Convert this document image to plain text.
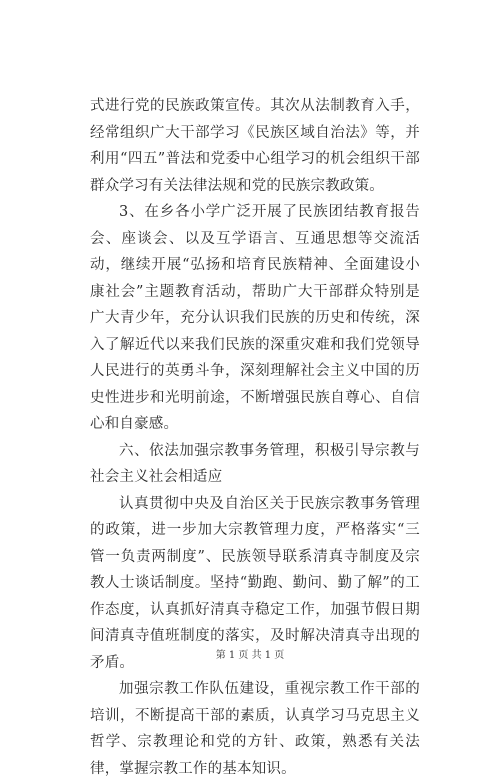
式进行党的民族政策宣传。其次从法制教育入手，经常组织广大干部学习《民族区域自治法》等，并利用“四五”普法和党委中心组学习的机会组织干部群众学习有关法律法规和党的民族宗教政策。

3、在乡各小学广泛开展了民族团结教育报告会、座谈会、以及互学语言、互通思想等交流活动，继续开展“弘扬和培育民族精神、全面建设小康社会”主题教育活动，帮助广大干部群众特别是广大青少年，充分认识我们民族的历史和传统，深入了解近代以来我们民族的深重灾难和我们党领导人民进行的英勇斗争，深刻理解社会主义中国的历史性进步和光明前途，不断增强民族自尊心、自信心和自豪感。

六、依法加强宗教事务管理，积极引导宗教与社会主义社会相适应

认真贯彻中央及自治区关于民族宗教事务管理的政策，进一步加大宗教管理力度，严格落实“三管一负责两制度”、民族领导联系清真寺制度及宗教人士谈话制度。坚持“勤跑、勤问、勤了解”的工作态度，认真抓好清真寺稳定工作，加强节假日期间清真寺值班制度的落实，及时解决清真寺出现的矛盾。

加强宗教工作队伍建设，重视宗教工作干部的培训，不断提高干部的素质，认真学习马克思主义哲学、宗教理论和党的方针、政策，熟悉有关法律，掌握宗教工作的基本知识。

第 1 页 共 1 页
